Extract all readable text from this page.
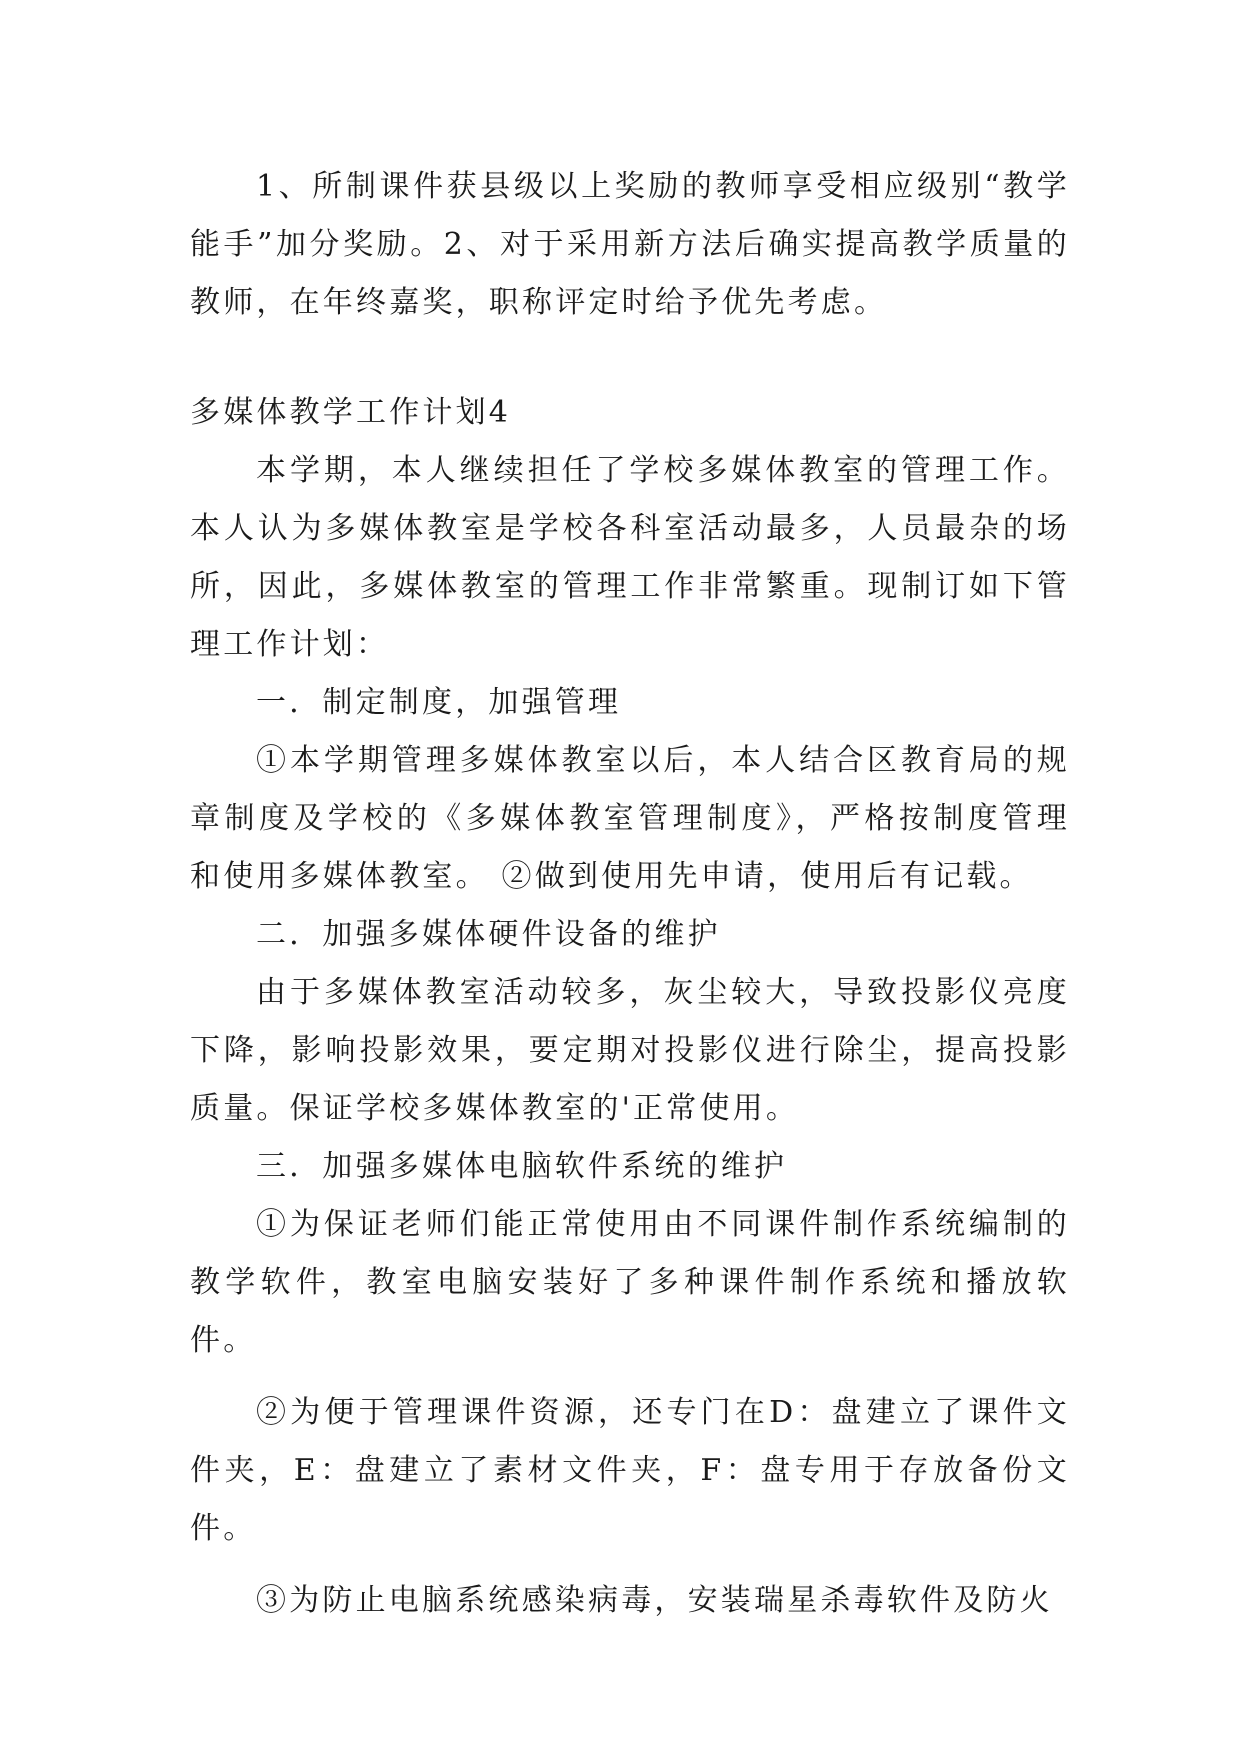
1、所制课件获县级以上奖励的教师享受相应级别“教学能手”加分奖励。2、对于采用新方法后确实提高教学质量的教师，在年终嘉奖，职称评定时给予优先考虑。

多媒体教学工作计划4

本学期，本人继续担任了学校多媒体教室的管理工作。本人认为多媒体教室是学校各科室活动最多，人员最杂的场所，因此，多媒体教室的管理工作非常繁重。现制订如下管理工作计划：

一．制定制度，加强管理

①本学期管理多媒体教室以后，本人结合区教育局的规章制度及学校的《多媒体教室管理制度》，严格按制度管理和使用多媒体教室。 ②做到使用先申请，使用后有记载。

二．加强多媒体硬件设备的维护

由于多媒体教室活动较多，灰尘较大，导致投影仪亮度下降，影响投影效果，要定期对投影仪进行除尘，提高投影质量。保证学校多媒体教室的'正常使用。

三．加强多媒体电脑软件系统的维护

①为保证老师们能正常使用由不同课件制作系统编制的教学软件，教室电脑安装好了多种课件制作系统和播放软件。

②为便于管理课件资源，还专门在D：盘建立了课件文件夹，E：盘建立了素材文件夹，F：盘专用于存放备份文件。

③为防止电脑系统感染病毒，安装瑞星杀毒软件及防火
